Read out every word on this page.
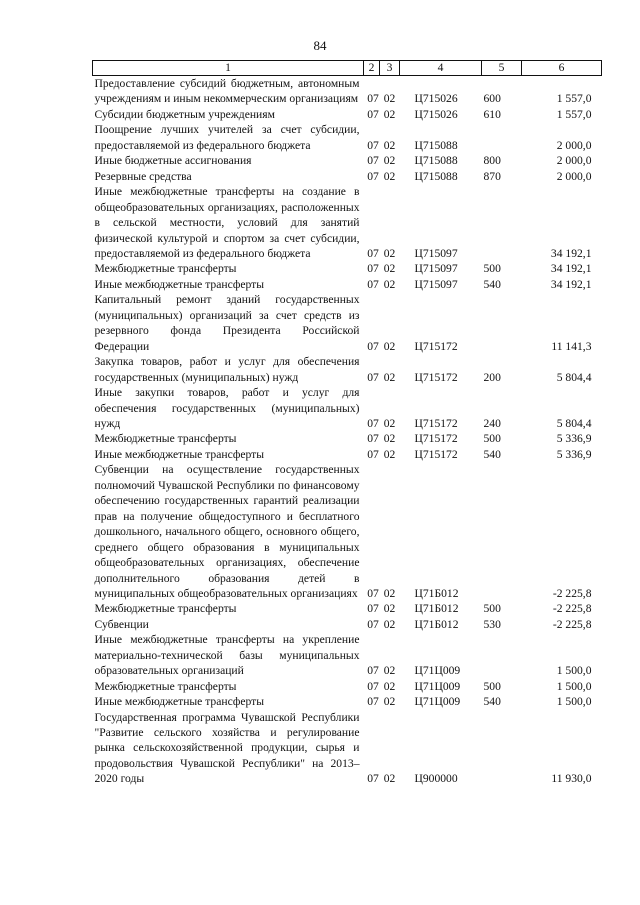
84
1	2	3	4	5	6
Предоставление субсидий бюджетным, автономным учреждениям и иным некоммерческим организациям	07	02	Ц715026	600	1 557,0
Субсидии бюджетным учреждениям	07	02	Ц715026	610	1 557,0
Поощрение лучших учителей за счет субсидии, предоставляемой из федерального бюджета	07	02	Ц715088		2 000,0
Иные бюджетные ассигнования	07	02	Ц715088	800	2 000,0
Резервные средства	07	02	Ц715088	870	2 000,0
Иные межбюджетные трансферты на создание в общеобразовательных организациях, расположенных в сельской местности, условий для занятий физической культурой и спортом за счет субсидии, предоставляемой из федерального бюджета	07	02	Ц715097		34 192,1
Межбюджетные трансферты	07	02	Ц715097	500	34 192,1
Иные межбюджетные трансферты	07	02	Ц715097	540	34 192,1
Капитальный ремонт зданий государственных (муниципальных) организаций за счет средств из резервного фонда Президента Российской Федерации	07	02	Ц715172		11 141,3
Закупка товаров, работ и услуг для обеспечения государственных (муниципальных) нужд	07	02	Ц715172	200	5 804,4
Иные закупки товаров, работ и услуг для обеспечения государственных (муниципальных) нужд	07	02	Ц715172	240	5 804,4
Межбюджетные трансферты	07	02	Ц715172	500	5 336,9
Иные межбюджетные трансферты	07	02	Ц715172	540	5 336,9
Субвенции на осуществление государственных полномочий Чувашской Республики по финансовому обеспечению государственных гарантий реализации прав на получение общедоступного и бесплатного дошкольного, начального общего, основного общего, среднего общего образования в муниципальных общеобразовательных организациях, обеспечение дополнительного образования детей в муниципальных общеобразовательных организациях	07	02	Ц71Б012		-2 225,8
Межбюджетные трансферты	07	02	Ц71Б012	500	-2 225,8
Субвенции	07	02	Ц71Б012	530	-2 225,8
Иные межбюджетные трансферты на укрепление материально-технической базы муниципальных образовательных организаций	07	02	Ц71Ц009		1 500,0
Межбюджетные трансферты	07	02	Ц71Ц009	500	1 500,0
Иные межбюджетные трансферты	07	02	Ц71Ц009	540	1 500,0
Государственная программа Чувашской Республики "Развитие сельского хозяйства и регулирование рынка сельскохозяйственной продукции, сырья и продовольствия Чувашской Республики" на 2013–2020 годы	07	02	Ц900000		11 930,0
